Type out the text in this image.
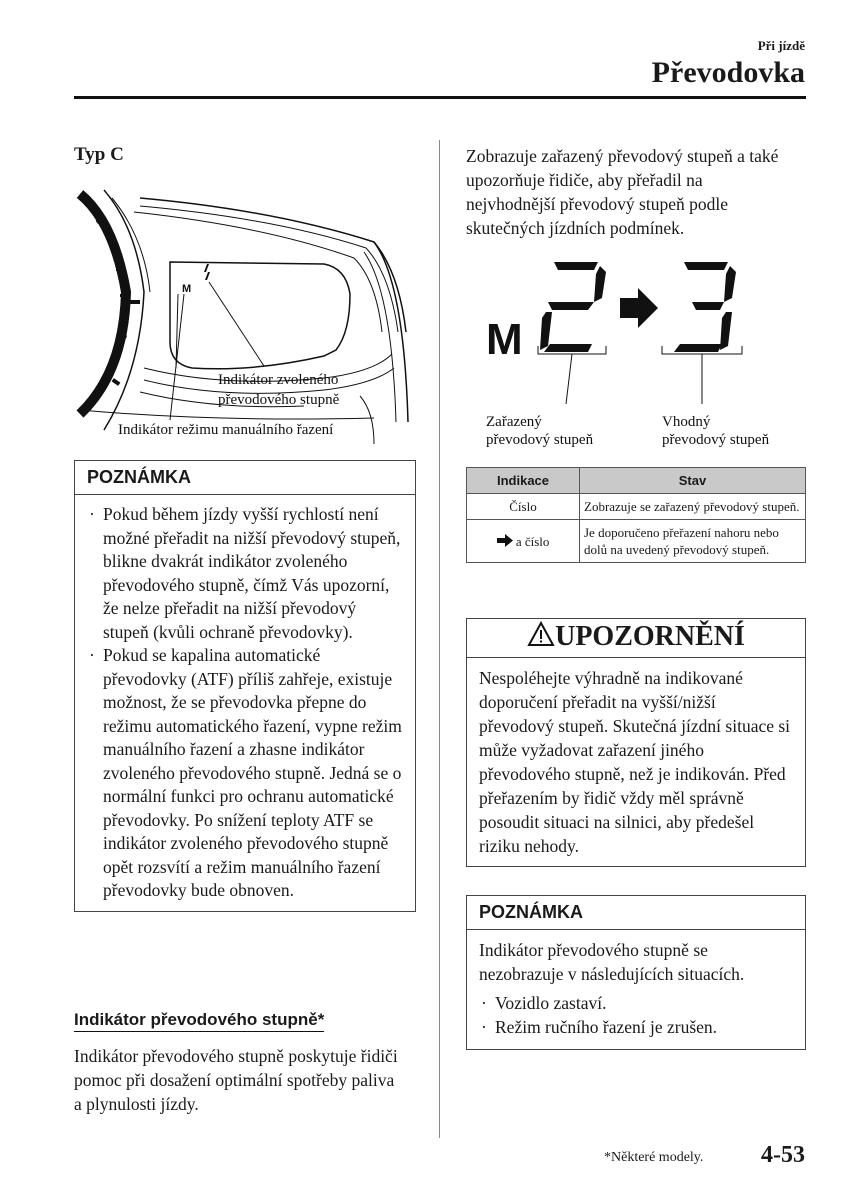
Při jízdě
Převodovka
Typ C
M
Indikátor zvoleného převodového stupně
Indikátor režimu manuálního řazení
POZNÁMKA
· Pokud během jízdy vyšší rychlostí není možné přeřadit na nižší převodový stupeň, blikne dvakrát indikátor zvoleného převodového stupně, čímž Vás upozorní, že nelze přeřadit na nižší převodový stupeň (kvůli ochraně převodovky).
· Pokud se kapalina automatické převodovky (ATF) příliš zahřeje, existuje možnost, že se převodovka přepne do režimu automatického řazení, vypne režim manuálního řazení a zhasne indikátor zvoleného převodového stupně. Jedná se o normální funkci pro ochranu automatické převodovky. Po snížení teploty ATF se indikátor zvoleného převodového stupně opět rozsvítí a režim manuálního řazení převodovky bude obnoven.
Indikátor převodového stupně*
Indikátor převodového stupně poskytuje řidiči pomoc při dosažení optimální spotřeby paliva a plynulosti jízdy.
Zobrazuje zařazený převodový stupeň a také upozorňuje řidiče, aby přeřadil na nejvhodnější převodový stupeň podle skutečných jízdních podmínek.
M
Zařazený převodový stupeň
Vhodný převodový stupeň
Indikace	Stav
Číslo	Zobrazuje se zařazený převodový stupeň.
a číslo	Je doporučeno přeřazení nahoru nebo dolů na uvedený převodový stupeň.
UPOZORNĚNÍ
Nespoléhejte výhradně na indikované doporučení přeřadit na vyšší/nižší převodový stupeň. Skutečná jízdní situace si může vyžadovat zařazení jiného převodového stupně, než je indikován. Před přeřazením by řidič vždy měl správně posoudit situaci na silnici, aby předešel riziku nehody.
POZNÁMKA
Indikátor převodového stupně se nezobrazuje v následujících situacích.
· Vozidlo zastaví.
· Režim ručního řazení je zrušen.
*Některé modely. 4-53
